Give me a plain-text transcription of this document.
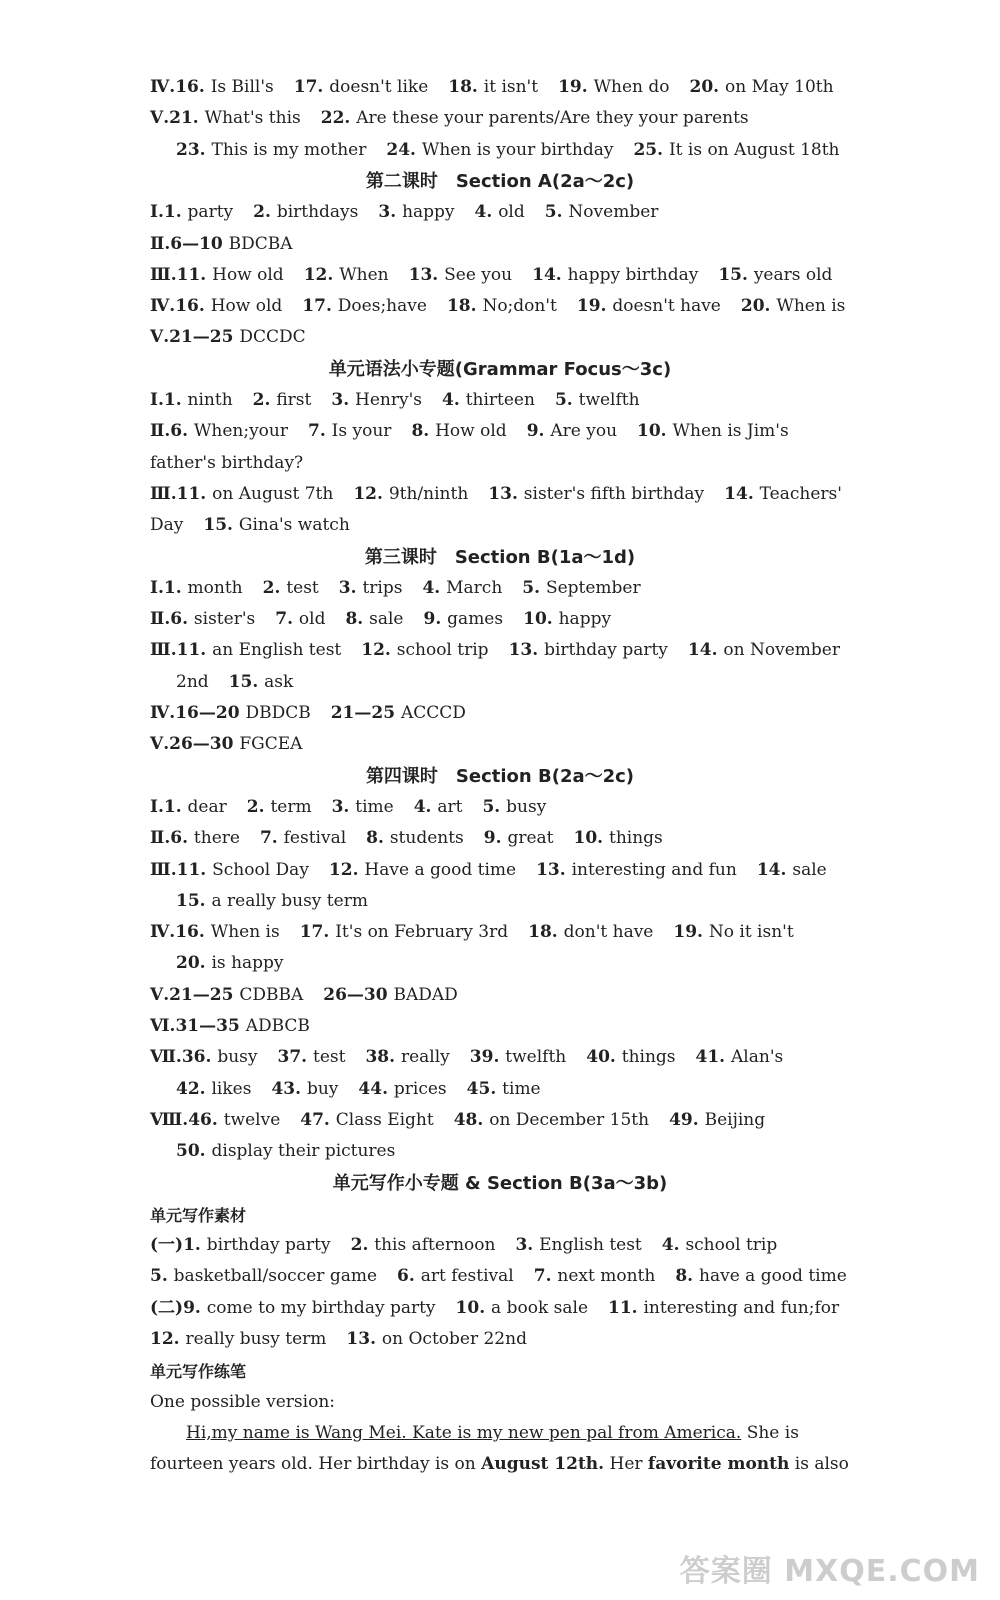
Ⅳ.16. Is Bill's 17. doesn't like 18. it isn't 19. When do 20. on May 10th
Ⅴ.21. What's this 22. Are these your parents/Are they your parents
23. This is my mother 24. When is your birthday 25. It is on August 18th
第二课时　Section A(2a～2c)
Ⅰ.1. party 2. birthdays 3. happy 4. old 5. November
Ⅱ.6—10 BDCBA
Ⅲ.11. How old 12. When 13. See you 14. happy birthday 15. years old
Ⅳ.16. How old 17. Does;have 18. No;don't 19. doesn't have 20. When is
Ⅴ.21—25 DCCDC
单元语法小专题(Grammar Focus～3c)
Ⅰ.1. ninth 2. first 3. Henry's 4. thirteen 5. twelfth
Ⅱ.6. When;your 7. Is your 8. How old 9. Are you 10. When is Jim's
father's birthday?
Ⅲ.11. on August 7th 12. 9th/ninth 13. sister's fifth birthday 14. Teachers'
Day 15. Gina's watch
第三课时　Section B(1a～1d)
Ⅰ.1. month 2. test 3. trips 4. March 5. September
Ⅱ.6. sister's 7. old 8. sale 9. games 10. happy
Ⅲ.11. an English test 12. school trip 13. birthday party 14. on November
2nd 15. ask
Ⅳ.16—20 DBDCB 21—25 ACCCD
Ⅴ.26—30 FGCEA
第四课时　Section B(2a～2c)
Ⅰ.1. dear 2. term 3. time 4. art 5. busy
Ⅱ.6. there 7. festival 8. students 9. great 10. things
Ⅲ.11. School Day 12. Have a good time 13. interesting and fun 14. sale
15. a really busy term
Ⅳ.16. When is 17. It's on February 3rd 18. don't have 19. No it isn't
20. is happy
Ⅴ.21—25 CDBBA 26—30 BADAD
Ⅵ.31—35 ADBCB
Ⅶ.36. busy 37. test 38. really 39. twelfth 40. things 41. Alan's
42. likes 43. buy 44. prices 45. time
Ⅷ.46. twelve 47. Class Eight 48. on December 15th 49. Beijing
50. display their pictures
单元写作小专题 & Section B(3a～3b)
单元写作素材
(一)1. birthday party 2. this afternoon 3. English test 4. school trip
5. basketball/soccer game 6. art festival 7. next month 8. have a good time
(二)9. come to my birthday party 10. a book sale 11. interesting and fun;for
12. really busy term 13. on October 22nd
单元写作练笔
One possible version:
Hi,my name is Wang Mei. Kate is my new pen pal from America. She is
fourteen years old. Her birthday is on August 12th. Her favorite month is also
答案圈 MXQE.COM
